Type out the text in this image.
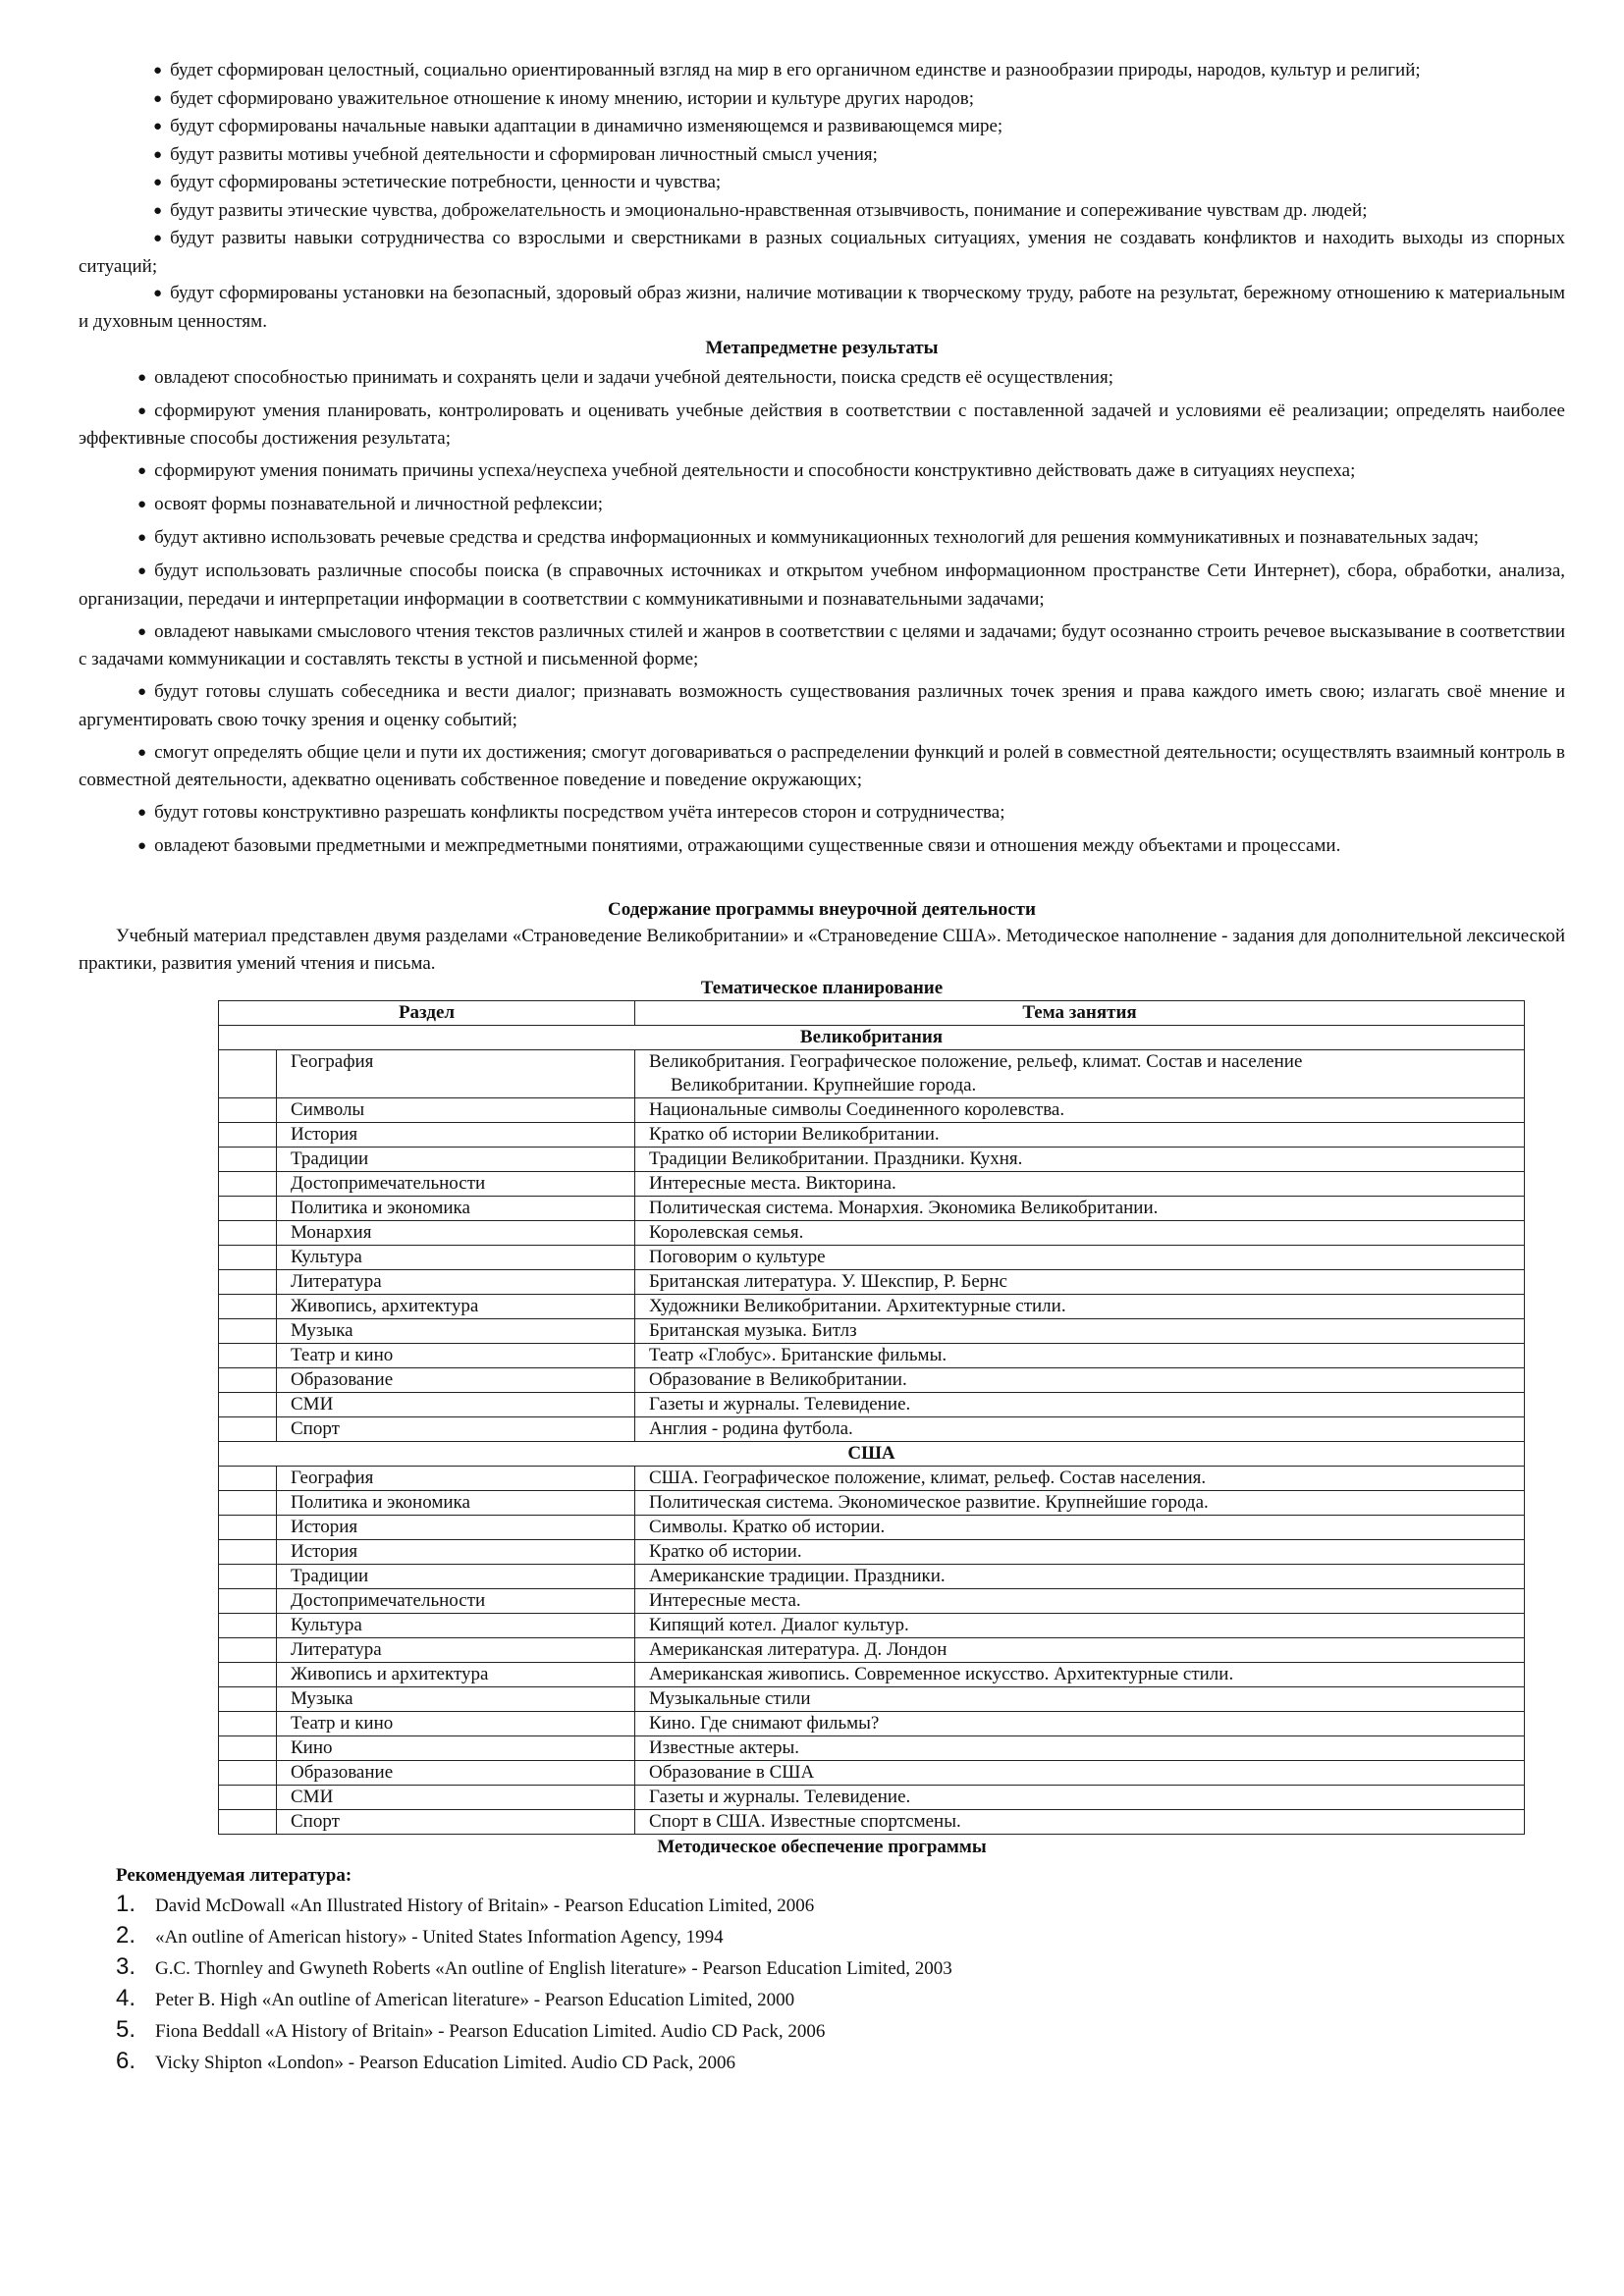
● будет сформирован целостный, социально ориентированный взгляд на мир в его органичном единстве и разнообразии природы, народов, культур и религий;

● будет сформировано уважительное отношение к иному мнению, истории и культуре других народов;

● будут сформированы начальные навыки адаптации в динамично изменяющемся и развивающемся мире;

● будут развиты мотивы учебной деятельности и сформирован личностный смысл учения;

● будут сформированы эстетические потребности, ценности и чувства;

● будут развиты этические чувства, доброжелательность и эмоционально-нравственная отзывчивость, понимание и сопереживание чувствам др. людей;

● будут развиты навыки сотрудничества со взрослыми и сверстниками в разных социальных ситуациях, умения не создавать конфликтов и находить выходы из спорных ситуаций;

● будут сформированы установки на безопасный, здоровый образ жизни, наличие мотивации к творческому труду, работе на результат, бережному отношению к материальным и духовным ценностям.

Метапредметне результаты

● овладеют способностью принимать и сохранять цели и задачи учебной деятельности, поиска средств её осуществления;

● сформируют умения планировать, контролировать и оценивать учебные действия в соответствии с поставленной задачей и условиями её реализации; определять наиболее эффективные способы достижения результата;

● сформируют умения понимать причины успеха/неуспеха учебной деятельности и способности конструктивно действовать даже в ситуациях неуспеха;

● освоят формы познавательной и личностной рефлексии;

● будут активно использовать речевые средства и средства информационных и коммуникационных технологий для решения коммуникативных и познавательных задач;

● будут использовать различные способы поиска (в справочных источниках и открытом учебном информационном пространстве Сети Интернет), сбора, обработки, анализа, организации, передачи и интерпретации информации в соответствии с коммуникативными и познавательными задачами;

● овладеют навыками смыслового чтения текстов различных стилей и жанров в соответствии с целями и задачами; будут осознанно строить речевое высказывание в соответствии с задачами коммуникации и составлять тексты в устной и письменной форме;

● будут готовы слушать собеседника и вести диалог; признавать возможность существования различных точек зрения и права каждого иметь свою; излагать своё мнение и аргументировать свою точку зрения и оценку событий;

● смогут определять общие цели и пути их достижения; смогут договариваться о распределении функций и ролей в совместной деятельности; осуществлять взаимный контроль в совместной деятельности, адекватно оценивать собственное поведение и поведение окружающих;

● будут готовы конструктивно разрешать конфликты посредством учёта интересов сторон и сотрудничества;

● овладеют базовыми предметными и межпредметными понятиями, отражающими существенные связи и отношения между объектами и процессами.

Содержание программы внеурочной деятельности

Учебный материал представлен двумя разделами «Страноведение Великобритании» и «Страноведение США». Методическое наполнение - задания для дополнительной лексической практики, развития умений чтения и письма.

Тематическое планирование

Раздел		Тема занятия
Великобритания		
	География	Великобритания. Географическое положение, рельеф, климат. Состав и население
Великобритании. Крупнейшие города.

	Символы	Национальные символы Соединенного королевства.

	История	Кратко об истории Великобритании.

	Традиции	Традиции Великобритании. Праздники. Кухня.

	Достопримечательности	Интересные места. Викторина.

	Политика и экономика	Политическая система. Монархия. Экономика Великобритании.

	Монархия	Королевская семья.

	Культура	Поговорим о культуре

	Литература	Британская литература. У. Шекспир, Р. Бернс

	Живопись, архитектура	Художники Великобритании. Архитектурные стили.

	Музыка	Британская музыка. Битлз

	Театр и кино	Театр «Глобус». Британские фильмы.

	Образование	Образование в Великобритании.

	СМИ	Газеты и журналы. Телевидение.

	Спорт	Англия - родина футбола.

США		
	География	США. Географическое положение, климат, рельеф. Состав населения.

	Политика и экономика	Политическая система. Экономическое развитие. Крупнейшие города.

	История	Символы. Кратко об истории.

	История	Кратко об истории.

	Традиции	Американские традиции. Праздники.

	Достопримечательности	Интересные места.

	Культура	Кипящий котел. Диалог культур.

	Литература	Американская литература. Д. Лондон

	Живопись и архитектура	Американская живопись. Современное искусство. Архитектурные стили.

	Музыка	Музыкальные стили

	Театр и кино	Кино. Где снимают фильмы?

	Кино	Известные актеры.

	Образование	Образование в США

	СМИ	Газеты и журналы. Телевидение.

	Спорт	Спорт в США. Известные спортсмены.

Методическое обеспечение программы

Рекомендуемая литература:

1. David McDowall «An Illustrated History of Britain» - Pearson Education Limited, 2006
2. «An outline of American history» - United States Information Agency, 1994
3. G.C. Thornley and Gwyneth Roberts «An outline of English literature» - Pearson Education Limited, 2003
4. Peter B. High «An outline of American literature» - Pearson Education Limited, 2000
5. Fiona Beddall «A History of Britain» - Pearson Education Limited. Audio CD Pack, 2006
6. Vicky Shipton «London» - Pearson Education Limited. Audio CD Pack, 2006
